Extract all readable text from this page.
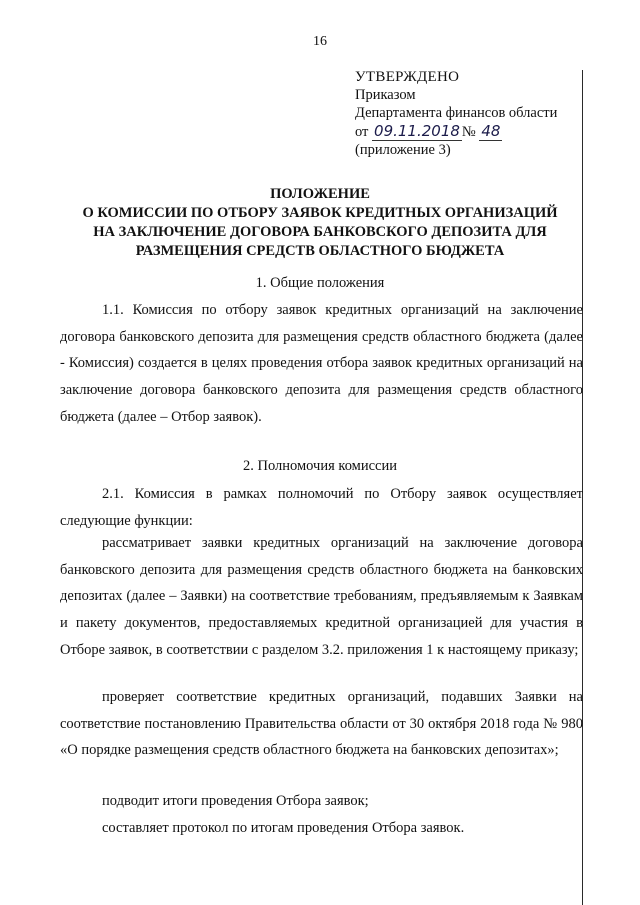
16
УТВЕРЖДЕНО
Приказом
Департамента финансов области
от 09.11.2018 № 48
(приложение 3)
ПОЛОЖЕНИЕ
О КОМИССИИ ПО ОТБОРУ ЗАЯВОК КРЕДИТНЫХ ОРГАНИЗАЦИЙ
НА ЗАКЛЮЧЕНИЕ ДОГОВОРА БАНКОВСКОГО ДЕПОЗИТА ДЛЯ
РАЗМЕЩЕНИЯ СРЕДСТВ ОБЛАСТНОГО БЮДЖЕТА
1. Общие положения
1.1. Комиссия по отбору заявок кредитных организаций на заключение договора банковского депозита для размещения средств областного бюджета (далее - Комиссия) создается в целях проведения отбора заявок кредитных организаций на заключение договора банковского депозита для размещения средств областного бюджета (далее – Отбор заявок).
2. Полномочия комиссии
2.1. Комиссия в рамках полномочий по Отбору заявок осуществляет следующие функции:
рассматривает заявки кредитных организаций на заключение договора банковского депозита для размещения средств областного бюджета на банковских депозитах (далее – Заявки) на соответствие требованиям, предъявляемым к Заявкам и пакету документов, предоставляемых кредитной организацией для участия в Отборе заявок, в соответствии с разделом 3.2. приложения 1 к настоящему приказу;
проверяет соответствие кредитных организаций, подавших Заявки на соответствие постановлению Правительства области от 30 октября 2018 года № 980 «О порядке размещения средств областного бюджета на банковских депозитах»;
подводит итоги проведения Отбора заявок;
составляет протокол по итогам проведения Отбора заявок.
